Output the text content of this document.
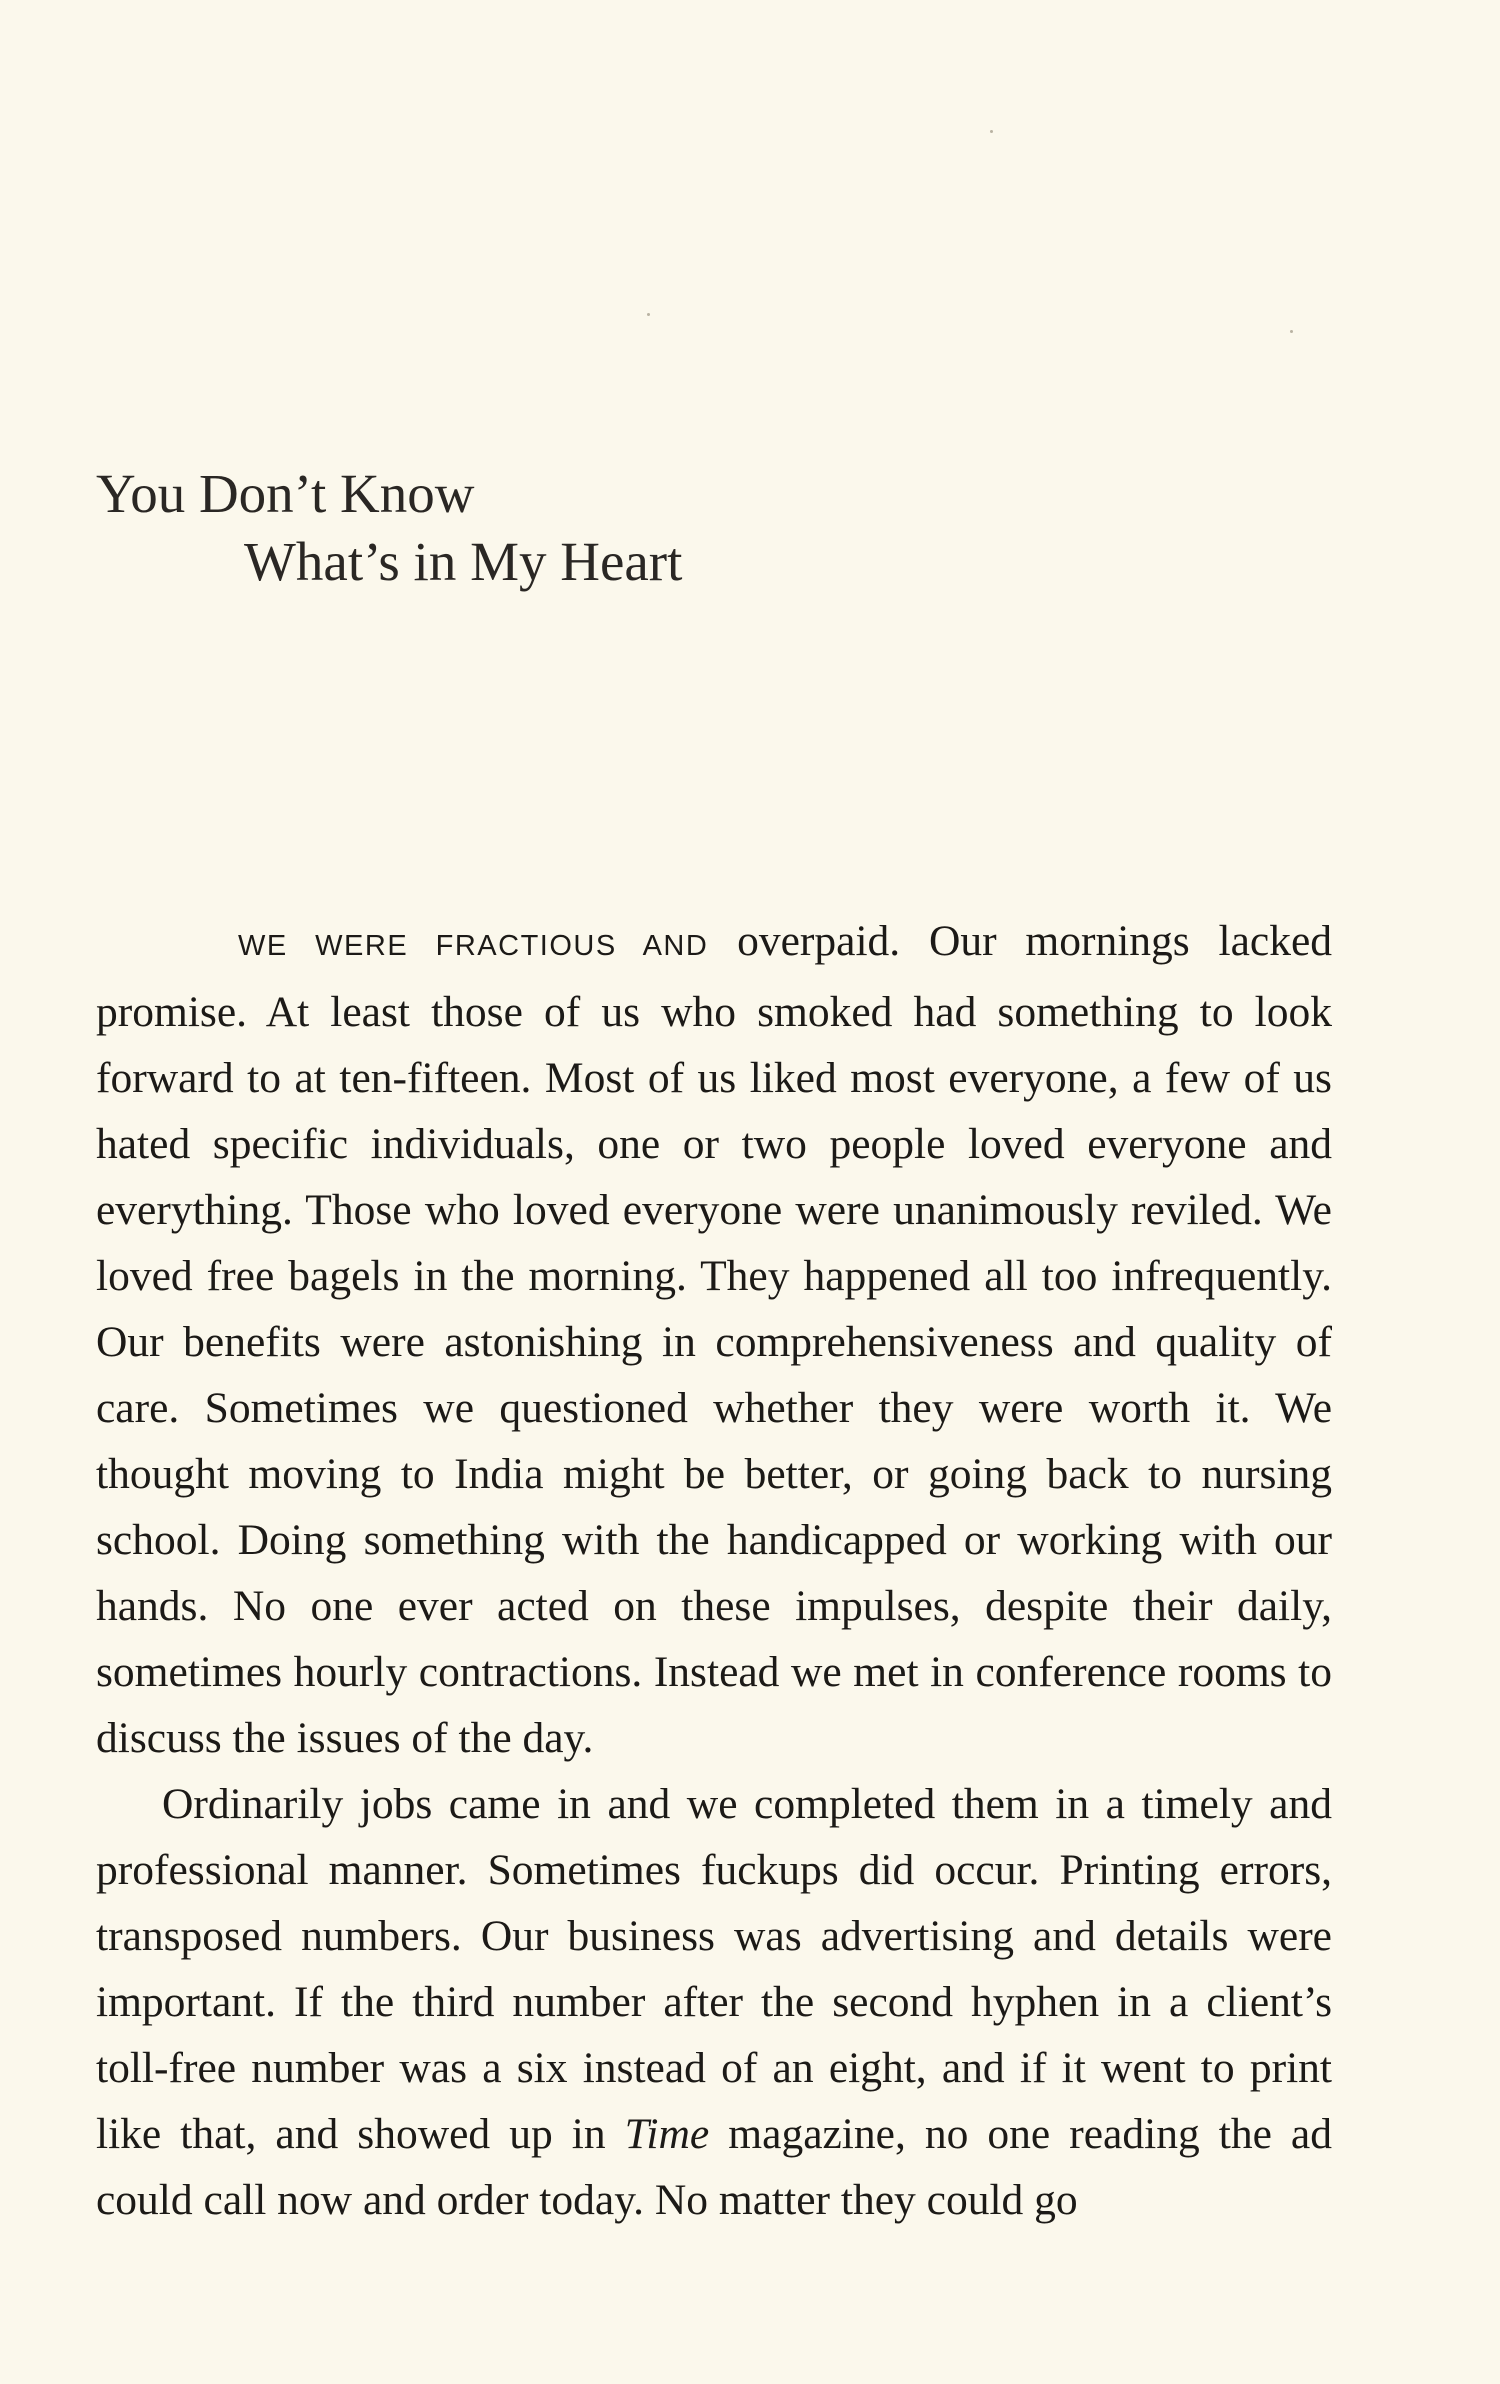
You Don’t Know
What’s in My Heart

WE WERE FRACTIOUS AND overpaid. Our mornings lacked promise. At least those of us who smoked had something to look forward to at ten-fifteen. Most of us liked most everyone, a few of us hated specific individuals, one or two people loved everyone and everything. Those who loved everyone were unanimously reviled. We loved free bagels in the morning. They happened all too infrequently. Our benefits were astonishing in comprehensiveness and quality of care. Sometimes we questioned whether they were worth it. We thought moving to India might be better, or going back to nursing school. Doing something with the handicapped or working with our hands. No one ever acted on these impulses, despite their daily, sometimes hourly contractions. Instead we met in conference rooms to discuss the issues of the day.

Ordinarily jobs came in and we completed them in a timely and professional manner. Sometimes fuckups did occur. Printing errors, transposed numbers. Our business was advertising and details were important. If the third number after the second hyphen in a client’s toll-free number was a six instead of an eight, and if it went to print like that, and showed up in Time magazine, no one reading the ad could call now and order today. No matter they could go
